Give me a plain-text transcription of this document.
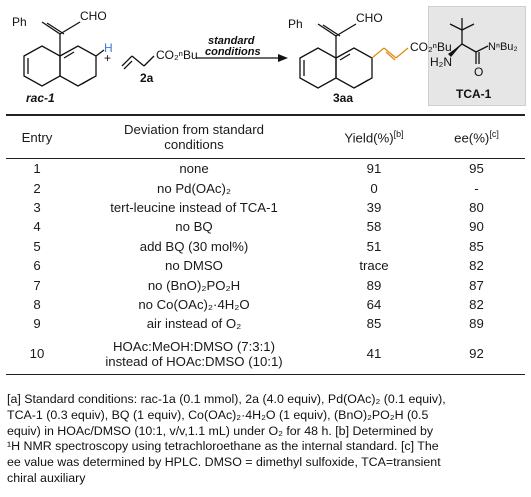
Ph	CHO
H
rac-1
CO₂ⁿBu
2a
+
standard
conditions
Ph	CHO
CO₂ⁿBu
3aa
H₂N
O
NⁿBu₂
TCA-1
Entry	Deviation from standard
conditions	Yield(%)[b]	ee(%)[c]
1	none	91	95
2	no Pd(OAc)₂	0	-
3	tert-leucine instead of TCA-1	39	80
4	no BQ	58	90
5	add BQ (30 mol%)	51	85
6	no DMSO	trace	82
7	no (BnO)₂PO₂H	89	87
8	no Co(OAc)₂·4H₂O	64	82
9	air instead of O₂	85	89
10	HOAc:MeOH:DMSO (7:3:1)
instead of HOAc:DMSO (10:1)	41	92
[a] Standard conditions: rac-1a (0.1 mmol), 2a (4.0 equiv), Pd(OAc)₂ (0.1 equiv),
TCA-1 (0.3 equiv), BQ (1 equiv), Co(OAc)₂·4H₂O (1 equiv), (BnO)₂PO₂H (0.5
equiv) in HOAc/DMSO (10:1, v/v,1.1 mL) under O₂ for 48 h. [b] Determined by
¹H NMR spectroscopy using tetrachloroethane as the internal standard. [c] The
ee value was determined by HPLC. DMSO = dimethyl sulfoxide, TCA=transient
chiral auxiliary
